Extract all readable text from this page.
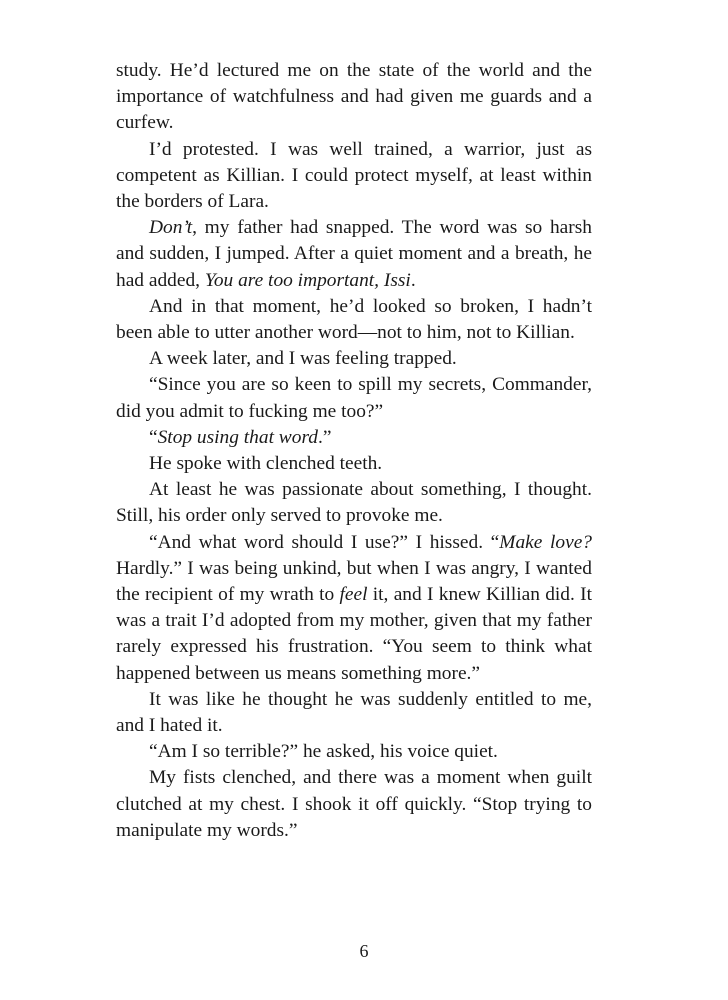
study. He’d lectured me on the state of the world and the importance of watchfulness and had given me guards and a curfew.

I’d protested. I was well trained, a warrior, just as competent as Killian. I could protect myself, at least within the borders of Lara.

Don’t, my father had snapped. The word was so harsh and sudden, I jumped. After a quiet moment and a breath, he had added, You are too important, Issi.

And in that moment, he’d looked so broken, I hadn’t been able to utter another word—not to him, not to Killian.

A week later, and I was feeling trapped.

“Since you are so keen to spill my secrets, Commander, did you admit to fucking me too?”

“Stop using that word.”

He spoke with clenched teeth.

At least he was passionate about something, I thought. Still, his order only served to provoke me.

“And what word should I use?” I hissed. “Make love? Hardly.” I was being unkind, but when I was angry, I wanted the recipient of my wrath to feel it, and I knew Killian did. It was a trait I’d adopted from my mother, given that my father rarely expressed his frustration. “You seem to think what happened between us means something more.”

It was like he thought he was suddenly entitled to me, and I hated it.

“Am I so terrible?” he asked, his voice quiet.

My fists clenched, and there was a moment when guilt clutched at my chest. I shook it off quickly. “Stop trying to manipulate my words.”

6
